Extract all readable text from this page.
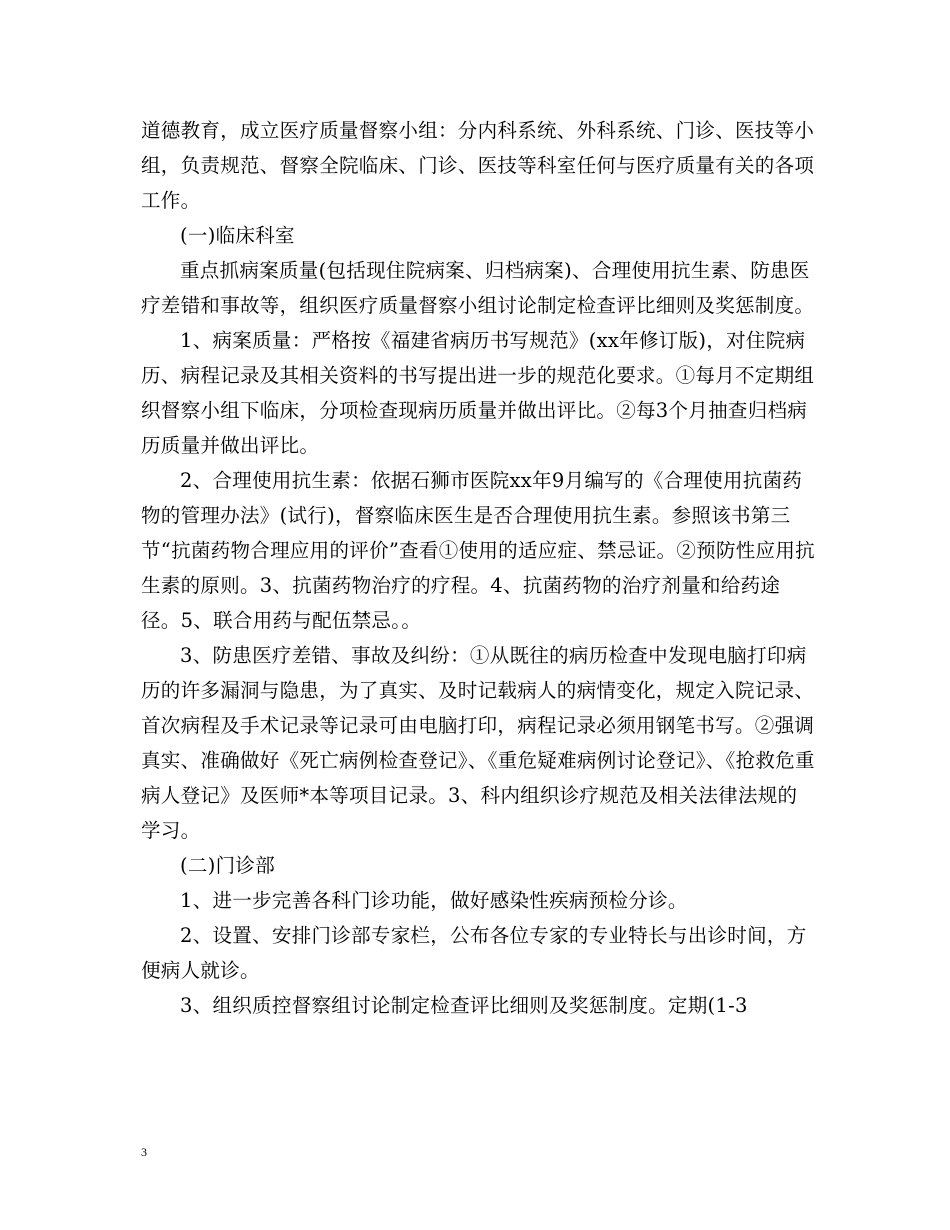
道德教育，成立医疗质量督察小组：分内科系统、外科系统、门诊、医技等小组，负责规范、督察全院临床、门诊、医技等科室任何与医疗质量有关的各项工作。

(一)临床科室

重点抓病案质量(包括现住院病案、归档病案)、合理使用抗生素、防患医疗差错和事故等，组织医疗质量督察小组讨论制定检查评比细则及奖惩制度。

1、病案质量：严格按《福建省病历书写规范》(xx年修订版)，对住院病历、病程记录及其相关资料的书写提出进一步的规范化要求。①每月不定期组织督察小组下临床，分项检查现病历质量并做出评比。②每3个月抽查归档病历质量并做出评比。

2、合理使用抗生素：依据石狮市医院xx年9月编写的《合理使用抗菌药物的管理办法》(试行)，督察临床医生是否合理使用抗生素。参照该书第三节“抗菌药物合理应用的评价”查看①使用的适应症、禁忌证。②预防性应用抗生素的原则。3、抗菌药物治疗的疗程。4、抗菌药物的治疗剂量和给药途径。5、联合用药与配伍禁忌。。

3、防患医疗差错、事故及纠纷：①从既往的病历检查中发现电脑打印病历的许多漏洞与隐患，为了真实、及时记载病人的病情变化，规定入院记录、首次病程及手术记录等记录可由电脑打印，病程记录必须用钢笔书写。②强调真实、准确做好《死亡病例检查登记》、《重危疑难病例讨论登记》、《抢救危重病人登记》及医师*本等项目记录。3、科内组织诊疗规范及相关法律法规的学习。

(二)门诊部

1、进一步完善各科门诊功能，做好感染性疾病预检分诊。

2、设置、安排门诊部专家栏，公布各位专家的专业特长与出诊时间，方便病人就诊。

3、组织质控督察组讨论制定检查评比细则及奖惩制度。定期(1-3

3
